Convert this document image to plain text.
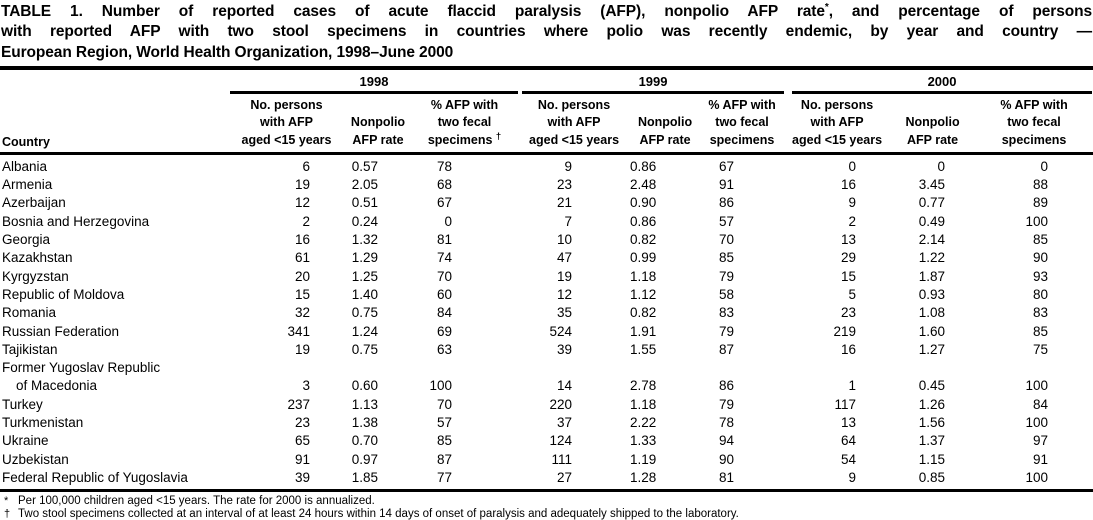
TABLE 1. Number of reported cases of acute flaccid paralysis (AFP), nonpolio AFP rate*, and percentage of persons
with reported AFP with two stool specimens in countries where polio was recently endemic, by year and country —
European Region, World Health Organization, 1998–June 2000

	1998			1999			2000		

Country	
No. persons
with AFP
aged <15 years

Nonpolio
AFP rate

% AFP with
two fecal
specimens †

No. persons
with AFP
aged <15 years

Nonpolio
AFP rate

% AFP with
two fecal
specimens

No. persons
with AFP
aged <15 years

Nonpolio
AFP rate

% AFP with
two fecal
specimens

Albania	6	0.57	78	9	0.86	67	0	0	0
Armenia	19	2.05	68	23	2.48	91	16	3.45	88
Azerbaijan	12	0.51	67	21	0.90	86	9	0.77	89
Bosnia and Herzegovina	2	0.24	0	7	0.86	57	2	0.49	100
Georgia	16	1.32	81	10	0.82	70	13	2.14	85
Kazakhstan	61	1.29	74	47	0.99	85	29	1.22	90
Kyrgyzstan	20	1.25	70	19	1.18	79	15	1.87	93
Republic of Moldova	15	1.40	60	12	1.12	58	5	0.93	80
Romania	32	0.75	84	35	0.82	83	23	1.08	83
Russian Federation	341	1.24	69	524	1.91	79	219	1.60	85
Tajikistan	19	0.75	63	39	1.55	87	16	1.27	75

Former Yugoslav Republic
of Macedonia	3	0.60	100	14	2.78	86	1	0.45	100
Turkey	237	1.13	70	220	1.18	79	117	1.26	84
Turkmenistan	23	1.38	57	37	2.22	78	13	1.56	100
Ukraine	65	0.70	85	124	1.33	94	64	1.37	97
Uzbekistan	91	0.97	87	111	1.19	90	54	1.15	91
Federal Republic of Yugoslavia	39	1.85	77	27	1.28	81	9	0.85	100
* Per 100,000 children aged <15 years. The rate for 2000 is annualized.
† Two stool specimens collected at an interval of at least 24 hours within 14 days of onset of paralysis and adequately shipped to the laboratory.
